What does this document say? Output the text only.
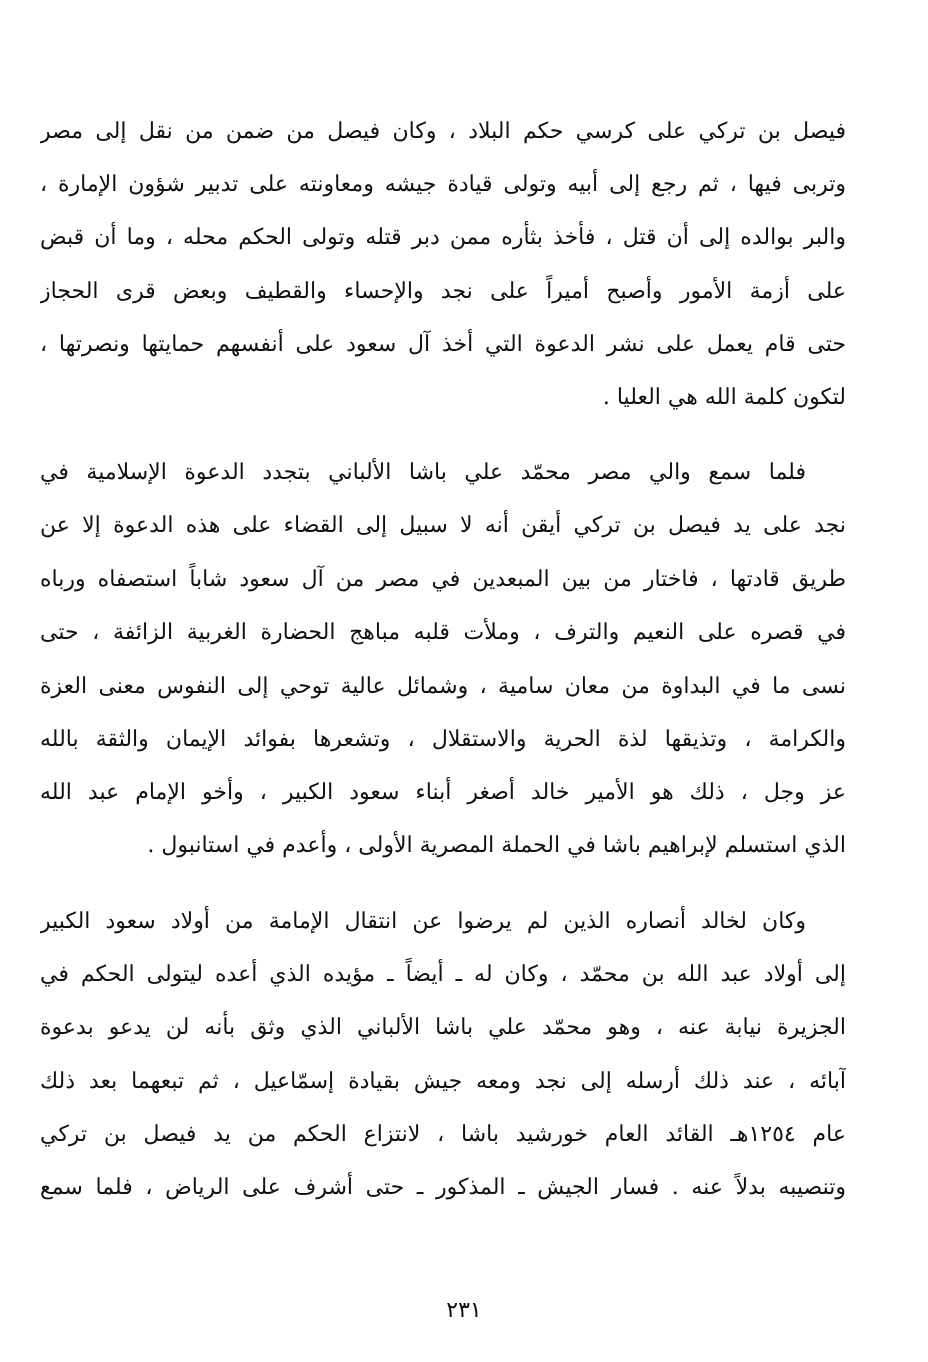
فيصل بن تركي على كرسي حكم البلاد ، وكان فيصل من ضمن من نقل إلى مصر
وتربى فيها ، ثم رجع إلى أبيه وتولى قيادة جيشه ومعاونته على تدبير شؤون الإمارة ،
والبر بوالده إلى أن قتل ، فأخذ بثأره ممن دبر قتله وتولى الحكم محله ، وما أن قبض
على أزمة الأمور وأصبح أميراً على نجد والإحساء والقطيف وبعض قرى الحجاز
حتى قام يعمل على نشر الدعوة التي أخذ آل سعود على أنفسهم حمايتها ونصرتها ،
لتكون كلمة الله هي العليا .
فلما سمع والي مصر محمّد علي باشا الألباني بتجدد الدعوة الإسلامية في
نجد على يد فيصل بن تركي أيقن أنه لا سبيل إلى القضاء على هذه الدعوة إلا عن
طريق قادتها ، فاختار من بين المبعدين في مصر من آل سعود شاباً استصفاه ورباه
في قصره على النعيم والترف ، وملأت قلبه مباهج الحضارة الغربية الزائفة ، حتى
نسى ما في البداوة من معان سامية ، وشمائل عالية توحي إلى النفوس معنى العزة
والكرامة ، وتذيقها لذة الحرية والاستقلال ، وتشعرها بفوائد الإيمان والثقة بالله
عز وجل ، ذلك هو الأمير خالد أصغر أبناء سعود الكبير ، وأخو الإمام عبد الله
الذي استسلم لإبراهيم باشا في الحملة المصرية الأولى ، وأعدم في استانبول .
وكان لخالد أنصاره الذين لم يرضوا عن انتقال الإمامة من أولاد سعود الكبير
إلى أولاد عبد الله بن محمّد ، وكان له ـ أيضاً ـ مؤيده الذي أعده ليتولى الحكم في
الجزيرة نيابة عنه ، وهو محمّد علي باشا الألباني الذي وثق بأنه لن يدعو بدعوة
آبائه ، عند ذلك أرسله إلى نجد ومعه جيش بقيادة إسمّاعيل ، ثم تبعهما بعد ذلك
عام ١٢٥٤هـ القائد العام خورشيد باشا ، لانتزاع الحكم من يد فيصل بن تركي
وتنصيبه بدلاً عنه . فسار الجيش ـ المذكور ـ حتى أشرف على الرياض ، فلما سمع
٢٣١
